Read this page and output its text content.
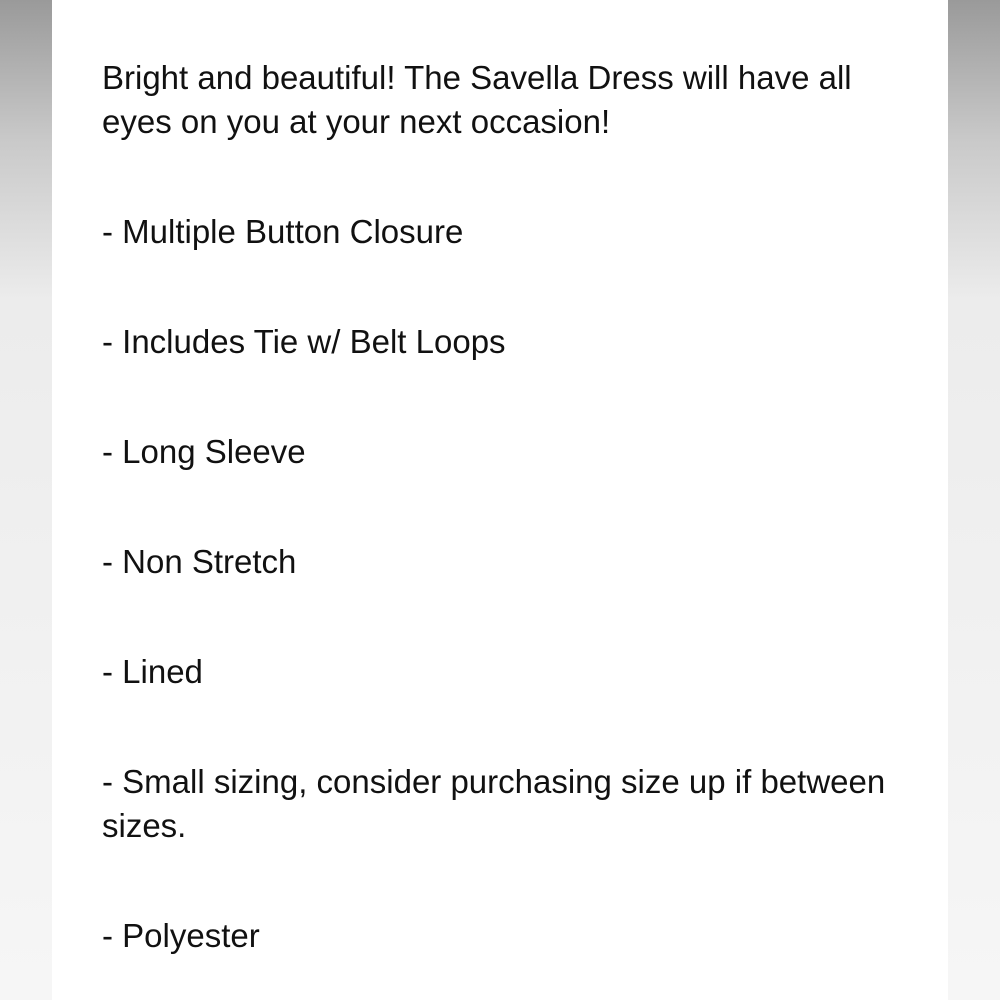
Bright and beautiful! The Savella Dress will have all eyes on you at your next occasion!

- Multiple Button Closure

- Includes Tie w/ Belt Loops

- Long Sleeve

- Non Stretch

- Lined

- Small sizing, consider purchasing size up if between sizes.

- Polyester
